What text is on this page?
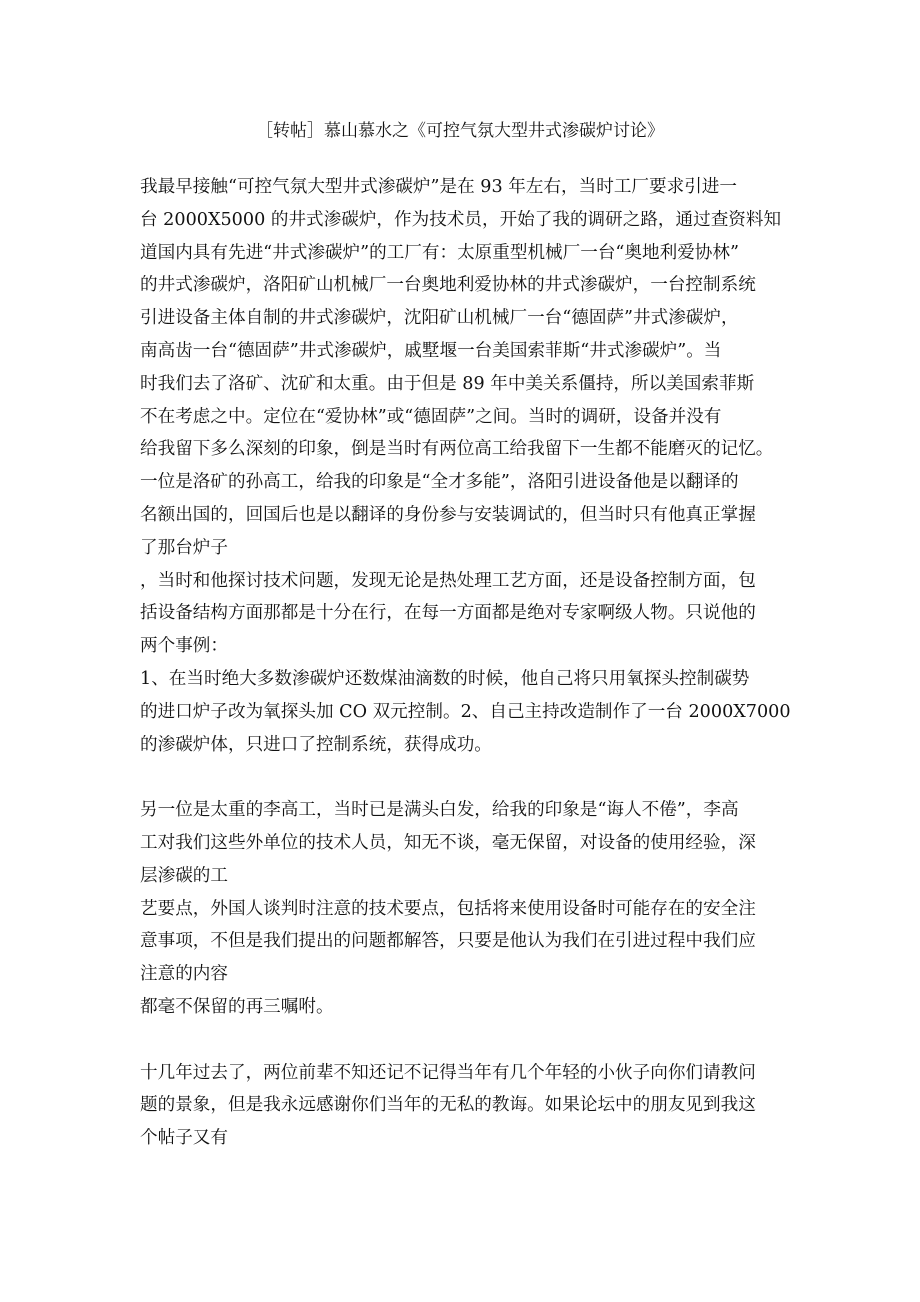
［转帖］慕山慕水之《可控气氛大型井式渗碳炉讨论》
我最早接触“可控气氛大型井式渗碳炉”是在 93 年左右，当时工厂要求引进一
台 2000X5000 的井式渗碳炉，作为技术员，开始了我的调研之路，通过查资料知
道国内具有先进“井式渗碳炉”的工厂有：太原重型机械厂一台“奥地利爱协林”
的井式渗碳炉，洛阳矿山机械厂一台奥地利爱协林的井式渗碳炉，一台控制系统
引进设备主体自制的井式渗碳炉，沈阳矿山机械厂一台“德固萨”井式渗碳炉，
南高齿一台“德固萨”井式渗碳炉，戚墅堰一台美国索菲斯“井式渗碳炉”。当
时我们去了洛矿、沈矿和太重。由于但是 89 年中美关系僵持，所以美国索菲斯
不在考虑之中。定位在“爱协林”或“德固萨”之间。当时的调研，设备并没有
给我留下多么深刻的印象，倒是当时有两位高工给我留下一生都不能磨灭的记忆。
一位是洛矿的孙高工，给我的印象是“全才多能”，洛阳引进设备他是以翻译的
名额出国的，回国后也是以翻译的身份参与安装调试的，但当时只有他真正掌握
了那台炉子
，当时和他探讨技术问题，发现无论是热处理工艺方面，还是设备控制方面，包
括设备结构方面那都是十分在行，在每一方面都是绝对专家啊级人物。只说他的
两个事例：
1、在当时绝大多数渗碳炉还数煤油滴数的时候，他自己将只用氧探头控制碳势
的进口炉子改为氧探头加 CO 双元控制。2、自己主持改造制作了一台 2000X7000
的渗碳炉体，只进口了控制系统，获得成功。
另一位是太重的李高工，当时已是满头白发，给我的印象是“诲人不倦”，李高
工对我们这些外单位的技术人员，知无不谈，毫无保留，对设备的使用经验，深
层渗碳的工
艺要点，外国人谈判时注意的技术要点，包括将来使用设备时可能存在的安全注
意事项，不但是我们提出的问题都解答，只要是他认为我们在引进过程中我们应
注意的内容
都毫不保留的再三嘱咐。
十几年过去了，两位前辈不知还记不记得当年有几个年轻的小伙子向你们请教问
题的景象，但是我永远感谢你们当年的无私的教诲。如果论坛中的朋友见到我这
个帖子又有
